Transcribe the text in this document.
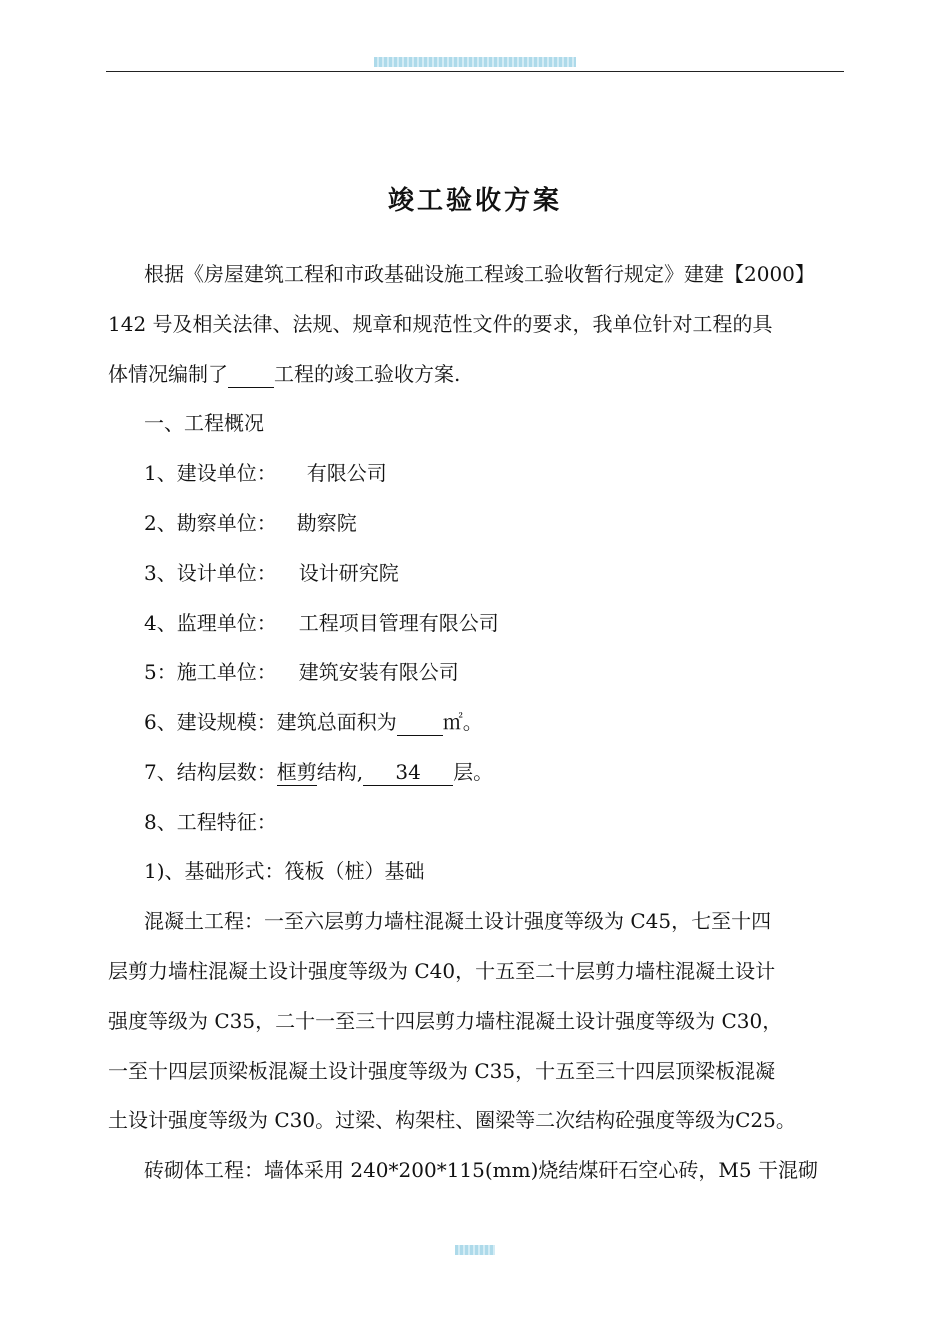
竣工验收方案
根据《房屋建筑工程和市政基础设施工程竣工验收暂行规定》建建【2000】
142 号及相关法律、法规、规章和规范性文件的要求，我单位针对工程的具
体情况编制了 工程的竣工验收方案.
一、工程概况
1、建设单位： 有限公司
2、勘察单位： 勘察院
3、设计单位： 设计研究院
4、监理单位： 工程项目管理有限公司
5：施工单位： 建筑安装有限公司
6、建设规模：建筑总面积为 ㎡。
7、结构层数：框剪结构, 34 层。
8、工程特征：
1)、基础形式：筏板（桩）基础
混凝土工程：一至六层剪力墙柱混凝土设计强度等级为 C45，七至十四
层剪力墙柱混凝土设计强度等级为 C40，十五至二十层剪力墙柱混凝土设计
强度等级为 C35，二十一至三十四层剪力墙柱混凝土设计强度等级为 C30，
一至十四层顶梁板混凝土设计强度等级为 C35，十五至三十四层顶梁板混凝
土设计强度等级为 C30。过梁、构架柱、圈梁等二次结构砼强度等级为C25。
砖砌体工程：墙体采用 240*200*115(mm)烧结煤矸石空心砖，M5 干混砌
